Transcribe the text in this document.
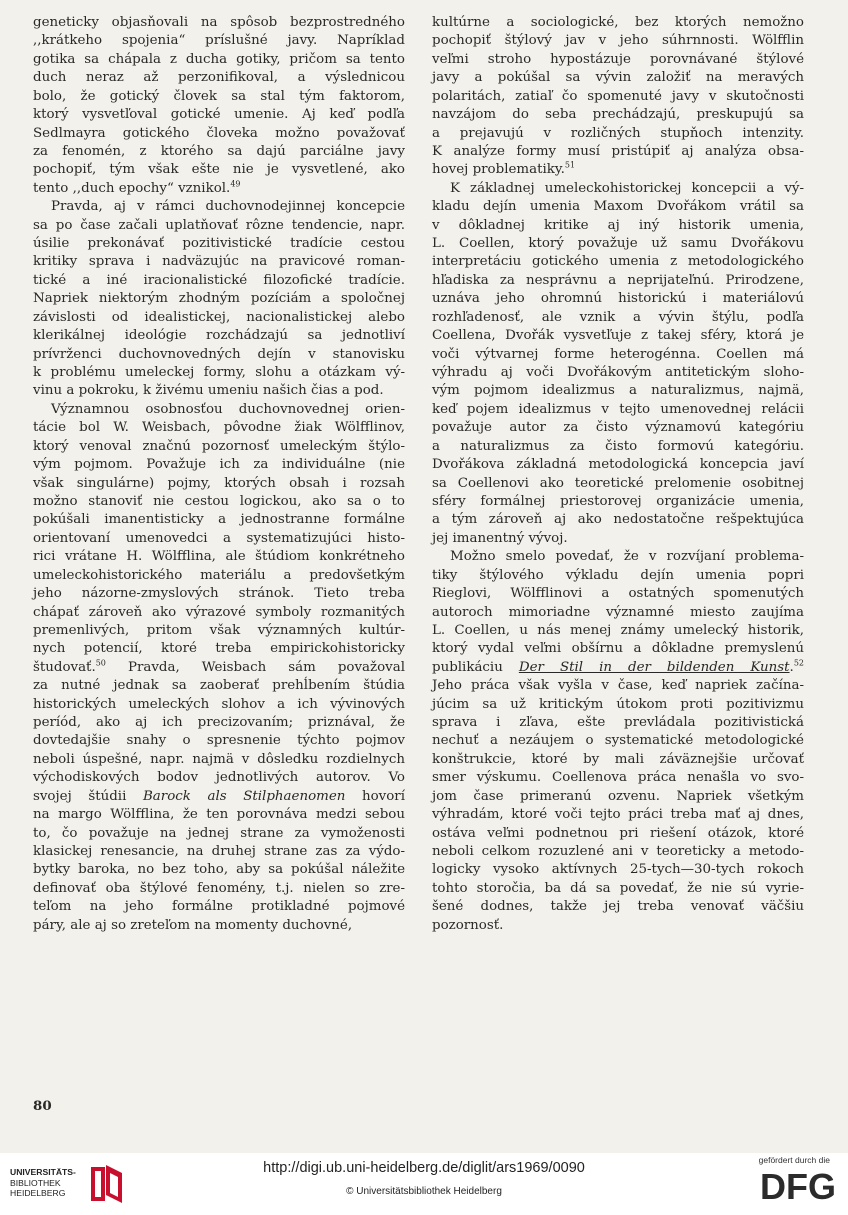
geneticky objasňovali na spôsob bezprostredného
,,krátkeho spojenia“ príslušné javy. Napríklad
gotika sa chápala z ducha gotiky, pričom sa tento
duch neraz až perzonifikoval, a výslednicou
bolo, že gotický človek sa stal tým faktorom,
ktorý vysvetľoval gotické umenie. Aj keď podľa
Sedlmayra gotického človeka možno považovať
za fenomén, z ktorého sa dajú parciálne javy
pochopiť, tým však ešte nie je vysvetlené, ako
tento ,,duch epochy“ vznikol.$^{49}$
Pravda, aj v rámci duchovnodejinnej koncepcie
sa po čase začali uplatňovať rôzne tendencie, napr.
úsilie prekonávať pozitivistické tradície cestou
kritiky sprava i nadväzujúc na pravicové roman-
tické a iné iracionalistické filozofické tradície.
Napriek niektorým zhodným pozíciám a spoločnej
závislosti od idealistickej, nacionalistickej alebo
klerikálnej ideológie rozchádzajú sa jednotliví
prívrženci duchovnovedných dejín v stanovisku
k problému umeleckej formy, slohu a otázkam vý-
vinu a pokroku, k živému umeniu našich čias a pod.
Významnou osobnosťou duchovnovednej orien-
tácie bol W. Weisbach, pôvodne žiak Wölfflinov,
ktorý venoval značnú pozornosť umeleckým štýlo-
vým pojmom. Považuje ich za individuálne (nie
však singulárne) pojmy, ktorých obsah i rozsah
možno stanoviť nie cestou logickou, ako sa o to
pokúšali imanentisticky a jednostranne formálne
orientovaní umenovedci a systematizujúci histo-
rici vrátane H. Wölfflina, ale štúdiom konkrétneho
umeleckohistorického materiálu a predovšetkým
jeho názorne-zmyslových stránok. Tieto treba
chápať zároveň ako výrazové symboly rozmanitých
premenlivých, pritom však významných kultúr-
nych potencií, ktoré treba empirickohistoricky
študovať.$^{50}$ Pravda, Weisbach sám považoval
za nutné jednak sa zaoberať prehĺbením štúdia
historických umeleckých slohov a ich vývinových
períód, ako aj ich precizovaním; priznával, že
dovtedajšie snahy o spresnenie týchto pojmov
neboli úspešné, napr. najmä v dôsledku rozdielnych
východiskových bodov jednotlivých autorov. Vo
svojej štúdii Barock als Stilphaenomen hovorí
na margo Wölfflina, že ten porovnáva medzi sebou
to, čo považuje na jednej strane za vymoženosti
klasickej renesancie, na druhej strane zas za výdo-
bytky baroka, no bez toho, aby sa pokúšal náležite
definovať oba štýlové fenomény, t.j. nielen so zre-
teľom na jeho formálne protikladné pojmové
páry, ale aj so zreteľom na momenty duchovné,
kultúrne a sociologické, bez ktorých nemožno
pochopiť štýlový jav v jeho súhrnnosti. Wölfflin
veľmi stroho hypostázuje porovnávané štýlové
javy a pokúšal sa vývin založiť na meravých
polaritách, zatiaľ čo spomenuté javy v skutočnosti
navzájom do seba prechádzajú, preskupujú sa
a prejavujú v rozličných stupňoch intenzity.
K analýze formy musí pristúpiť aj analýza obsa-
hovej problematiky.$^{51}$
K základnej umeleckohistorickej koncepcii a vý-
kladu dejín umenia Maxom Dvořákom vrátil sa
v dôkladnej kritike aj iný historik umenia,
L. Coellen, ktorý považuje už samu Dvořákovu
interpretáciu gotického umenia z metodologického
hľadiska za nesprávnu a neprijateľnú. Prirodzene,
uznáva jeho ohromnú historickú i materiálovú
rozhľadenosť, ale vznik a vývin štýlu, podľa
Coellena, Dvořák vysvetľuje z takej sféry, ktorá je
voči výtvarnej forme heterogénna. Coellen má
výhradu aj voči Dvořákovým antitetickým sloho-
vým pojmom idealizmus a naturalizmus, najmä,
keď pojem idealizmus v tejto umenovednej relácii
považuje autor za čisto významovú kategóriu
a naturalizmus za čisto formovú kategóriu.
Dvořákova základná metodologická koncepcia javí
sa Coellenovi ako teoretické prelomenie osobitnej
sféry formálnej priestorovej organizácie umenia,
a tým zároveň aj ako nedostatočne rešpektujúca
jej imanentný vývoj.
Možno smelo povedať, že v rozvíjaní problema-
tiky štýlového výkladu dejín umenia popri
Rieglovi, Wölfflinovi a ostatných spomenutých
autoroch mimoriadne významné miesto zaujíma
L. Coellen, u nás menej známy umelecký historik,
ktorý vydal veľmi obšírnu a dôkladne premyslenú
publikáciu Der Stil in der bildenden Kunst.$^{52}$
Jeho práca však vyšla v čase, keď napriek začína-
júcim sa už kritickým útokom proti pozitivizmu
sprava i zľava, ešte prevládala pozitivistická
nechuť a nezáujem o systematické metodologické
konštrukcie, ktoré by mali záväznejšie určovať
smer výskumu. Coellenova práca nenašla vo svo-
jom čase primeranú ozvenu. Napriek všetkým
výhradám, ktoré voči tejto práci treba mať aj dnes,
ostáva veľmi podnetnou pri riešení otázok, ktoré
neboli celkom rozuzlené ani v teoreticky a metodo-
logicky vysoko aktívnych 25-tych—30-tych rokoch
tohto storočia, ba dá sa povedať, že nie sú vyrie-
šené dodnes, takže jej treba venovať väčšiu
pozornosť.
80
UNIVERSITÄTS-
BIBLIOTHEK
HEIDELBERG
http://digi.ub.uni-heidelberg.de/diglit/ars1969/0090
© Universitätsbibliothek Heidelberg
gefördert durch die
DFG
